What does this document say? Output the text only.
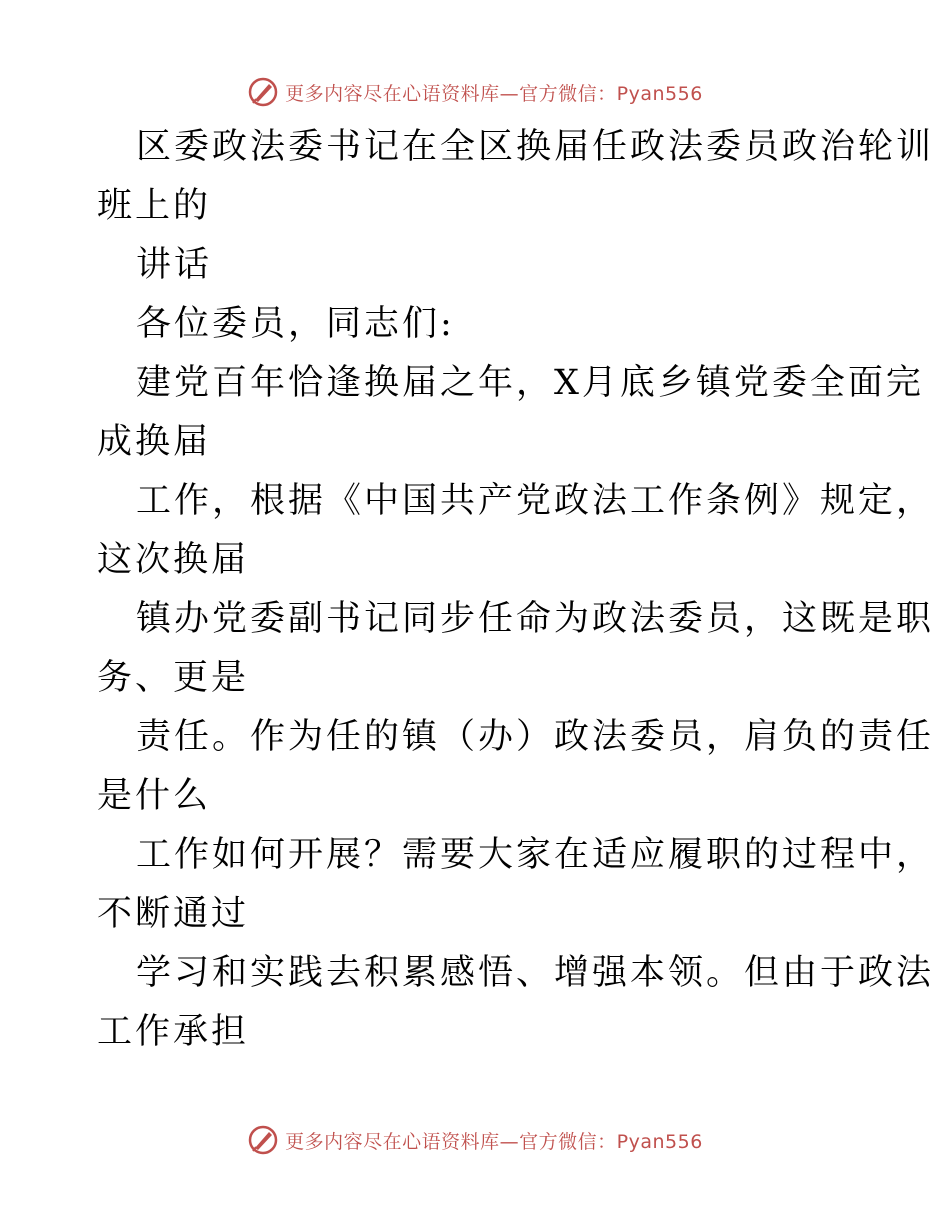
更多内容尽在心语资料库—官方微信：Pyan556
区委政法委书记在全区换届任政法委员政治轮训
班上的
讲话
各位委员，同志们:
建党百年恰逢换届之年，X月底乡镇党委全面完
成换届
工作，根据《中国共产党政法工作条例》规定，
这次换届
镇办党委副书记同步任命为政法委员，这既是职
务、更是
责任。作为任的镇（办）政法委员，肩负的责任
是什么
工作如何开展？需要大家在适应履职的过程中，
不断通过
学习和实践去积累感悟、增强本领。但由于政法
工作承担
更多内容尽在心语资料库—官方微信：Pyan556
